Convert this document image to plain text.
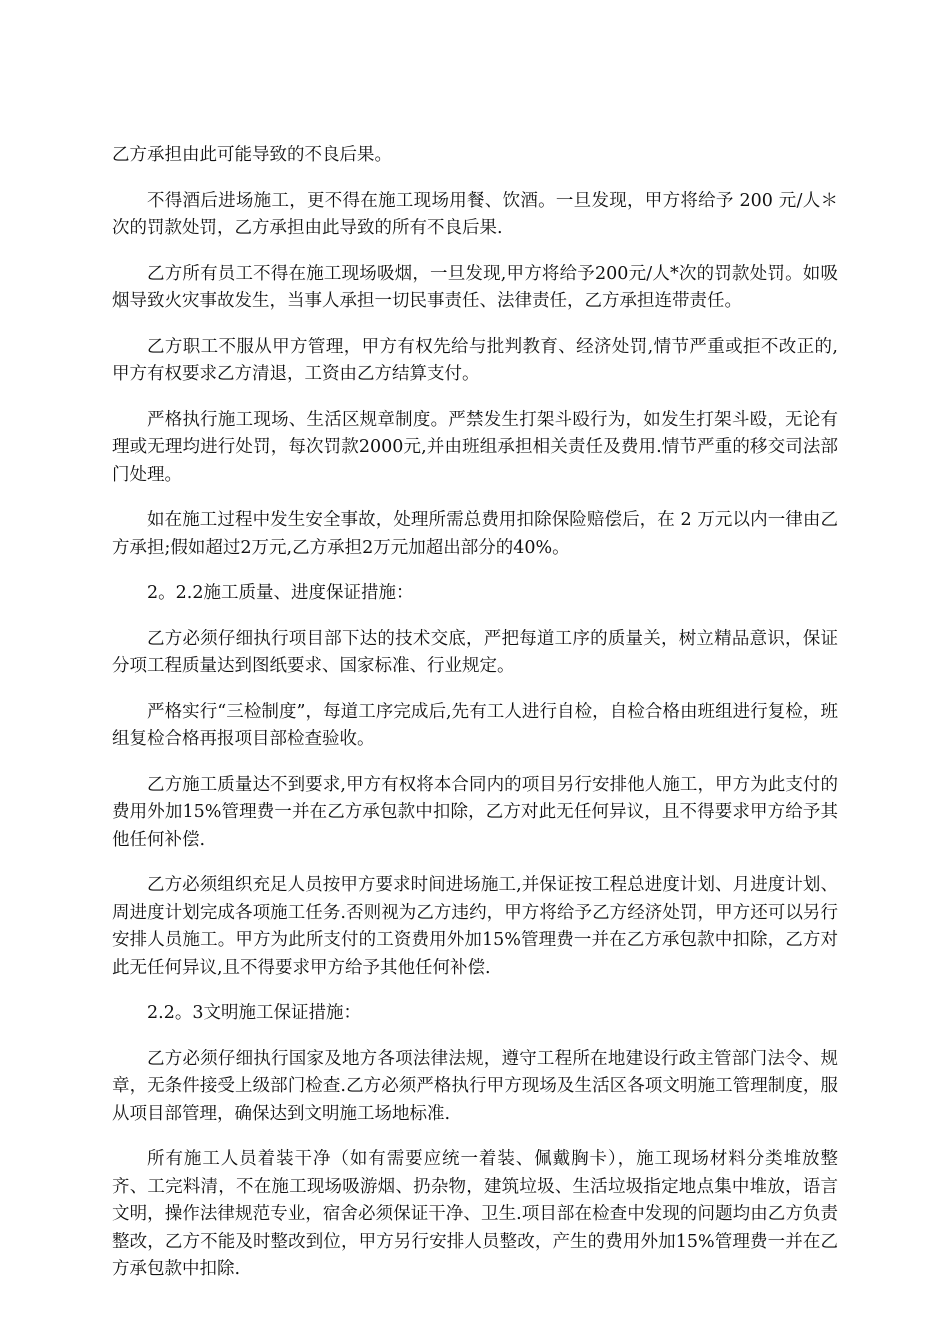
乙方承担由此可能导致的不良后果。

不得酒后进场施工，更不得在施工现场用餐、饮酒。一旦发现，甲方将给予 200 元/人＊次的罚款处罚，乙方承担由此导致的所有不良后果.

乙方所有员工不得在施工现场吸烟，一旦发现,甲方将给予200元/人*次的罚款处罚。如吸烟导致火灾事故发生，当事人承担一切民事责任、法律责任，乙方承担连带责任。

乙方职工不服从甲方管理，甲方有权先给与批判教育、经济处罚,情节严重或拒不改正的,甲方有权要求乙方清退，工资由乙方结算支付。

严格执行施工现场、生活区规章制度。严禁发生打架斗殴行为，如发生打架斗殴，无论有理或无理均进行处罚，每次罚款2000元,并由班组承担相关责任及费用.情节严重的移交司法部门处理。

如在施工过程中发生安全事故，处理所需总费用扣除保险赔偿后，在 2 万元以内一律由乙方承担;假如超过2万元,乙方承担2万元加超出部分的40%。

2。2.2施工质量、进度保证措施：

乙方必须仔细执行项目部下达的技术交底，严把每道工序的质量关，树立精品意识，保证分项工程质量达到图纸要求、国家标准、行业规定。

严格实行“三检制度”，每道工序完成后,先有工人进行自检，自检合格由班组进行复检，班组复检合格再报项目部检查验收。

乙方施工质量达不到要求,甲方有权将本合同内的项目另行安排他人施工，甲方为此支付的费用外加15%管理费一并在乙方承包款中扣除，乙方对此无任何异议，且不得要求甲方给予其他任何补偿.

乙方必须组织充足人员按甲方要求时间进场施工,并保证按工程总进度计划、月进度计划、周进度计划完成各项施工任务.否则视为乙方违约，甲方将给予乙方经济处罚，甲方还可以另行安排人员施工。甲方为此所支付的工资费用外加15%管理费一并在乙方承包款中扣除，乙方对此无任何异议,且不得要求甲方给予其他任何补偿.

2.2。3文明施工保证措施：

乙方必须仔细执行国家及地方各项法律法规，遵守工程所在地建设行政主管部门法令、规章，无条件接受上级部门检查.乙方必须严格执行甲方现场及生活区各项文明施工管理制度，服从项目部管理，确保达到文明施工场地标准.

所有施工人员着装干净（如有需要应统一着装、佩戴胸卡），施工现场材料分类堆放整齐、工完料清，不在施工现场吸游烟、扔杂物，建筑垃圾、生活垃圾指定地点集中堆放，语言文明，操作法律规范专业，宿舍必须保证干净、卫生.项目部在检查中发现的问题均由乙方负责整改，乙方不能及时整改到位，甲方另行安排人员整改，产生的费用外加15%管理费一并在乙方承包款中扣除.
